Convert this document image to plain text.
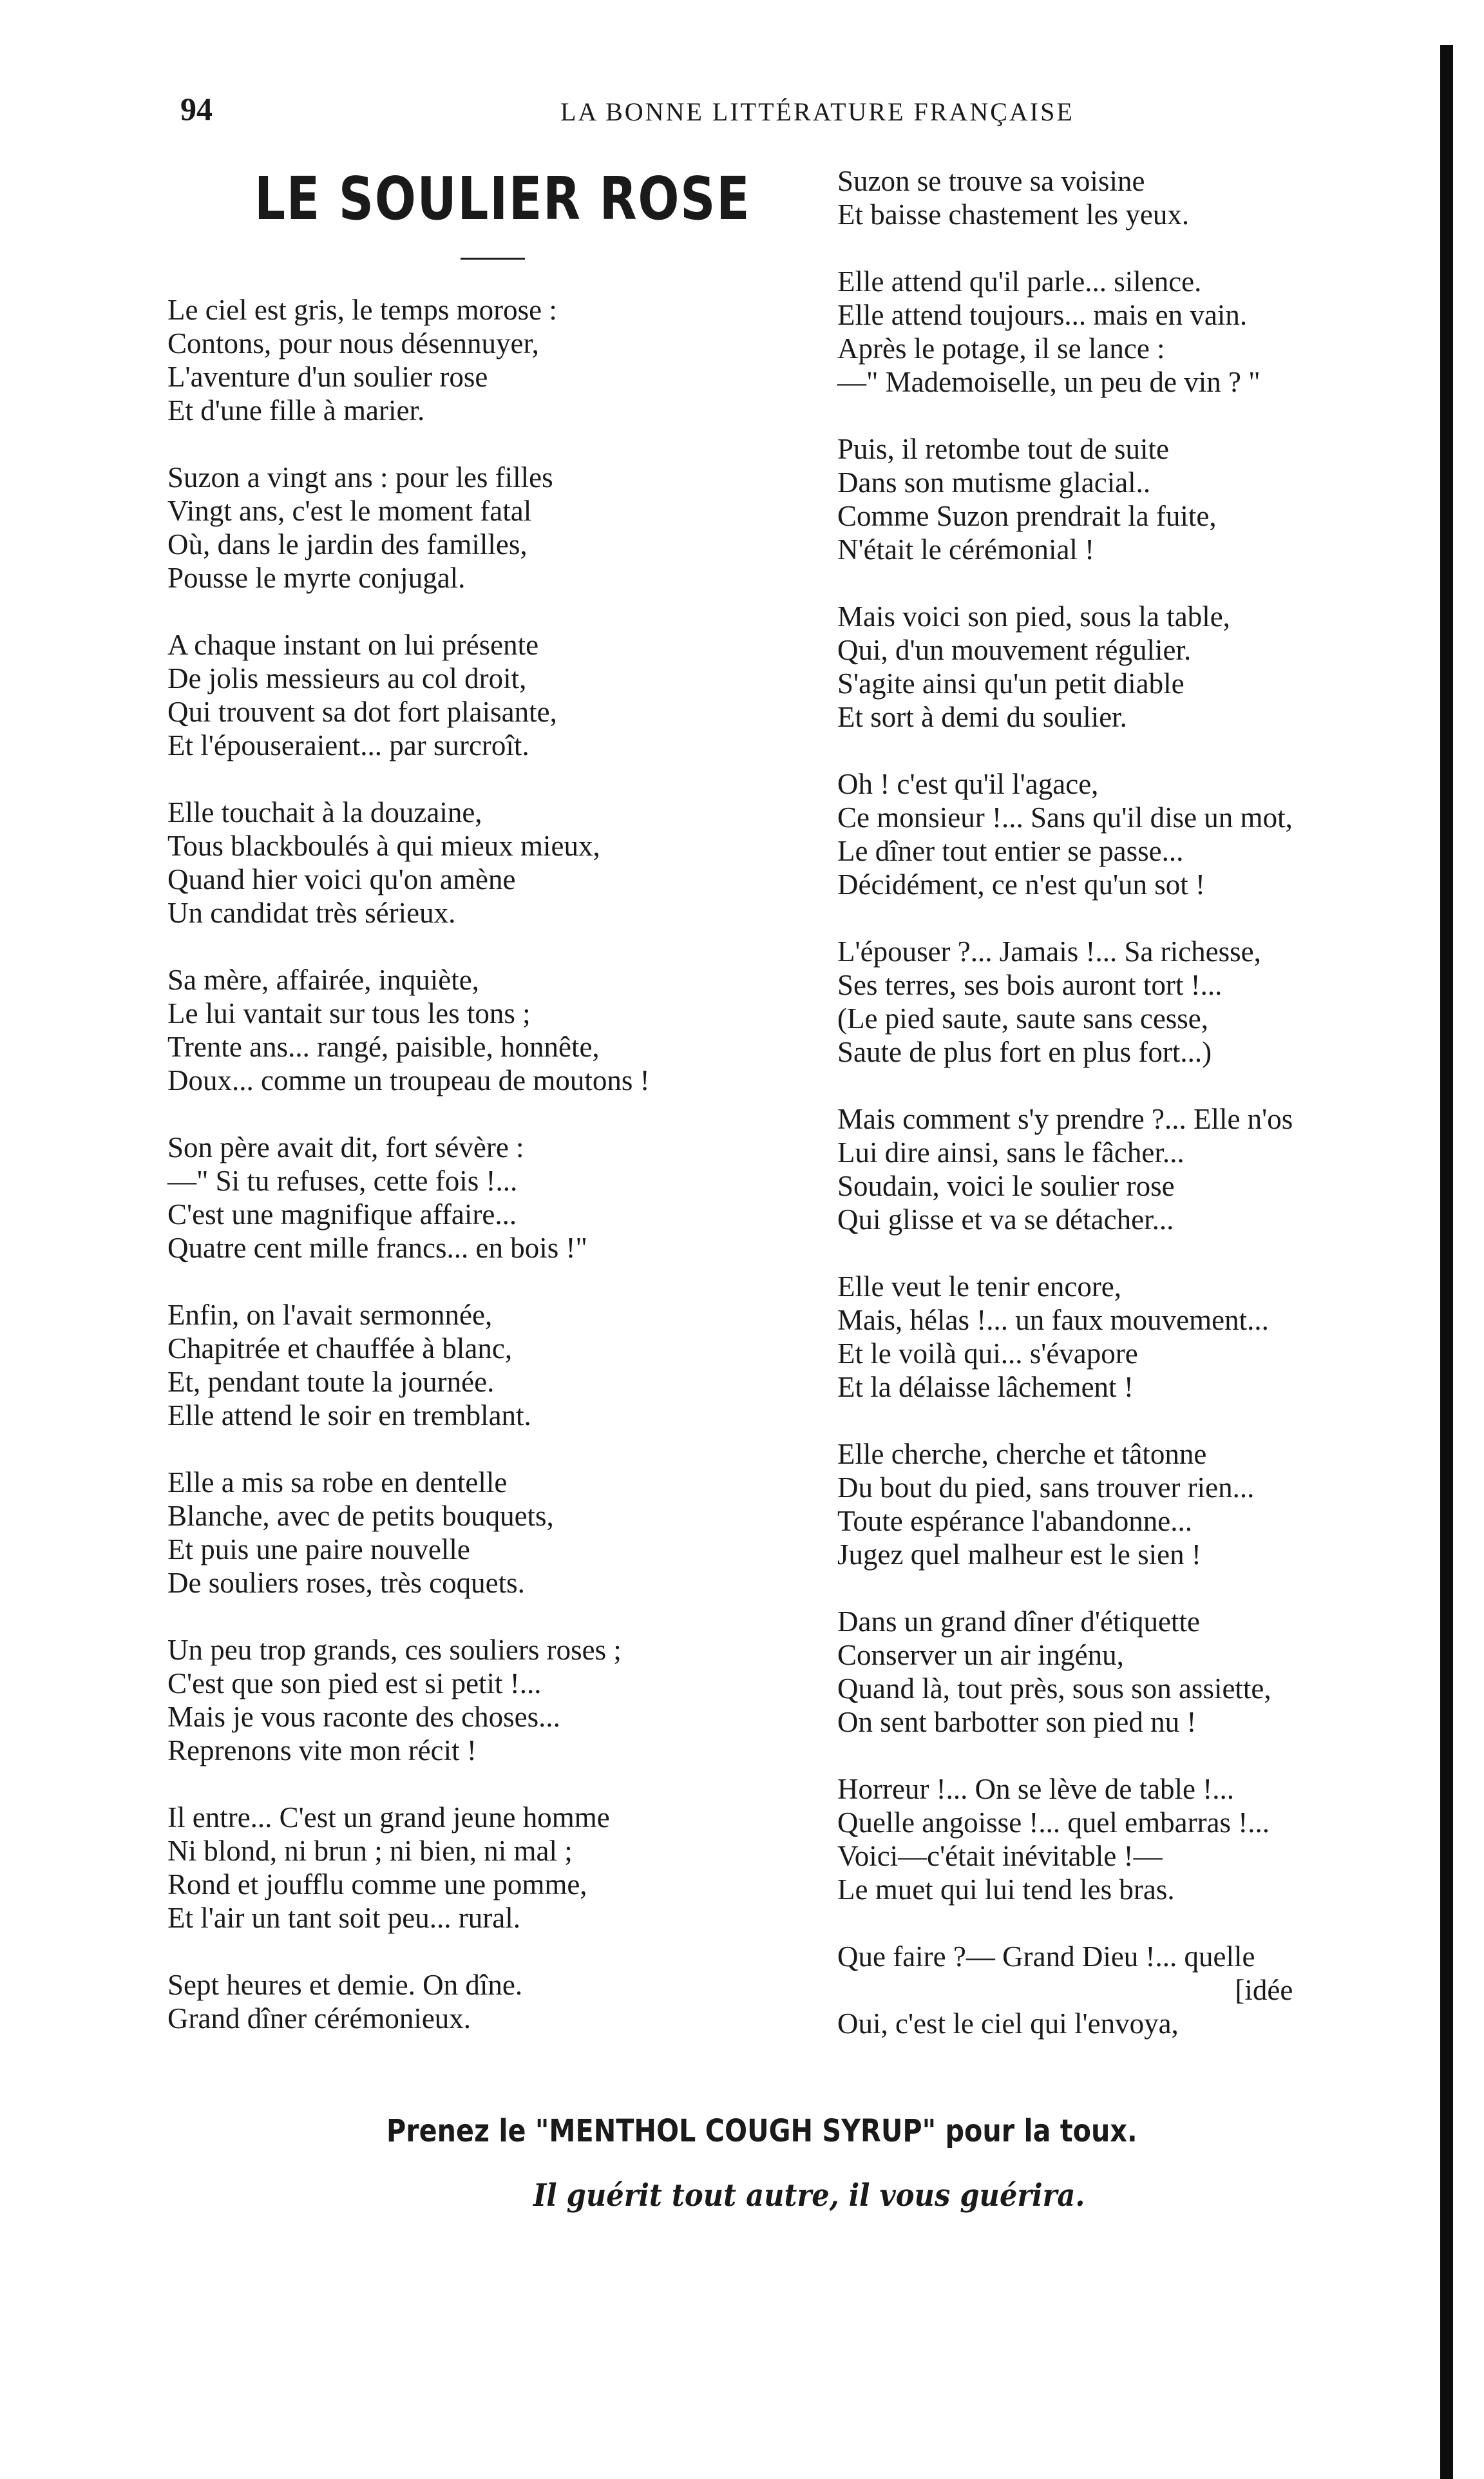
94	LA BONNE LITTÉRATURE FRANÇAISE
LE SOULIER ROSE
Le ciel est gris, le temps morose :
Contons, pour nous désennuyer,
L'aventure d'un soulier rose
Et d'une fille à marier.
Suzon a vingt ans : pour les filles
Vingt ans, c'est le moment fatal
Où, dans le jardin des familles,
Pousse le myrte conjugal.
A chaque instant on lui présente
De jolis messieurs au col droit,
Qui trouvent sa dot fort plaisante,
Et l'épouseraient... par surcroît.
Elle touchait à la douzaine,
Tous blackboulés à qui mieux mieux,
Quand hier voici qu'on amène
Un candidat très sérieux.
Sa mère, affairée, inquiète,
Le lui vantait sur tous les tons ;
Trente ans... rangé, paisible, honnête,
Doux... comme un troupeau de moutons !
Son père avait dit, fort sévère :
—" Si tu refuses, cette fois !...
C'est une magnifique affaire...
Quatre cent mille francs... en bois !"
Enfin, on l'avait sermonnée,
Chapitrée et chauffée à blanc,
Et, pendant toute la journée.
Elle attend le soir en tremblant.
Elle a mis sa robe en dentelle
Blanche, avec de petits bouquets,
Et puis une paire nouvelle
De souliers roses, très coquets.
Un peu trop grands, ces souliers roses ;
C'est que son pied est si petit !...
Mais je vous raconte des choses...
Reprenons vite mon récit !
Il entre... C'est un grand jeune homme
Ni blond, ni brun ; ni bien, ni mal ;
Rond et joufflu comme une pomme,
Et l'air un tant soit peu... rural.
Sept heures et demie. On dîne.
Grand dîner cérémonieux.
Suzon se trouve sa voisine
Et baisse chastement les yeux.
Elle attend qu'il parle... silence.
Elle attend toujours... mais en vain.
Après le potage, il se lance :
—" Mademoiselle, un peu de vin ? "
Puis, il retombe tout de suite
Dans son mutisme glacial..
Comme Suzon prendrait la fuite,
N'était le cérémonial !
Mais voici son pied, sous la table,
Qui, d'un mouvement régulier.
S'agite ainsi qu'un petit diable
Et sort à demi du soulier.
Oh ! c'est qu'il l'agace,
Ce monsieur !... Sans qu'il dise un mot,
Le dîner tout entier se passe...
Décidément, ce n'est qu'un sot !
L'épouser ?... Jamais !... Sa richesse,
Ses terres, ses bois auront tort !...
(Le pied saute, saute sans cesse,
Saute de plus fort en plus fort...)
Mais comment s'y prendre ?... Elle n'os
Lui dire ainsi, sans le fâcher...
Soudain, voici le soulier rose
Qui glisse et va se détacher...
Elle veut le tenir encore,
Mais, hélas !... un faux mouvement...
Et le voilà qui... s'évapore
Et la délaisse lâchement !
Elle cherche, cherche et tâtonne
Du bout du pied, sans trouver rien...
Toute espérance l'abandonne...
Jugez quel malheur est le sien !
Dans un grand dîner d'étiquette
Conserver un air ingénu,
Quand là, tout près, sous son assiette,
On sent barbotter son pied nu !
Horreur !... On se lève de table !...
Quelle angoisse !... quel embarras !...
Voici—c'était inévitable !—
Le muet qui lui tend les bras.
Que faire ?— Grand Dieu !... quelle
[idée
Oui, c'est le ciel qui l'envoya,
Prenez le "MENTHOL COUGH SYRUP" pour la toux.
Il guérit tout autre, il vous guérira.
